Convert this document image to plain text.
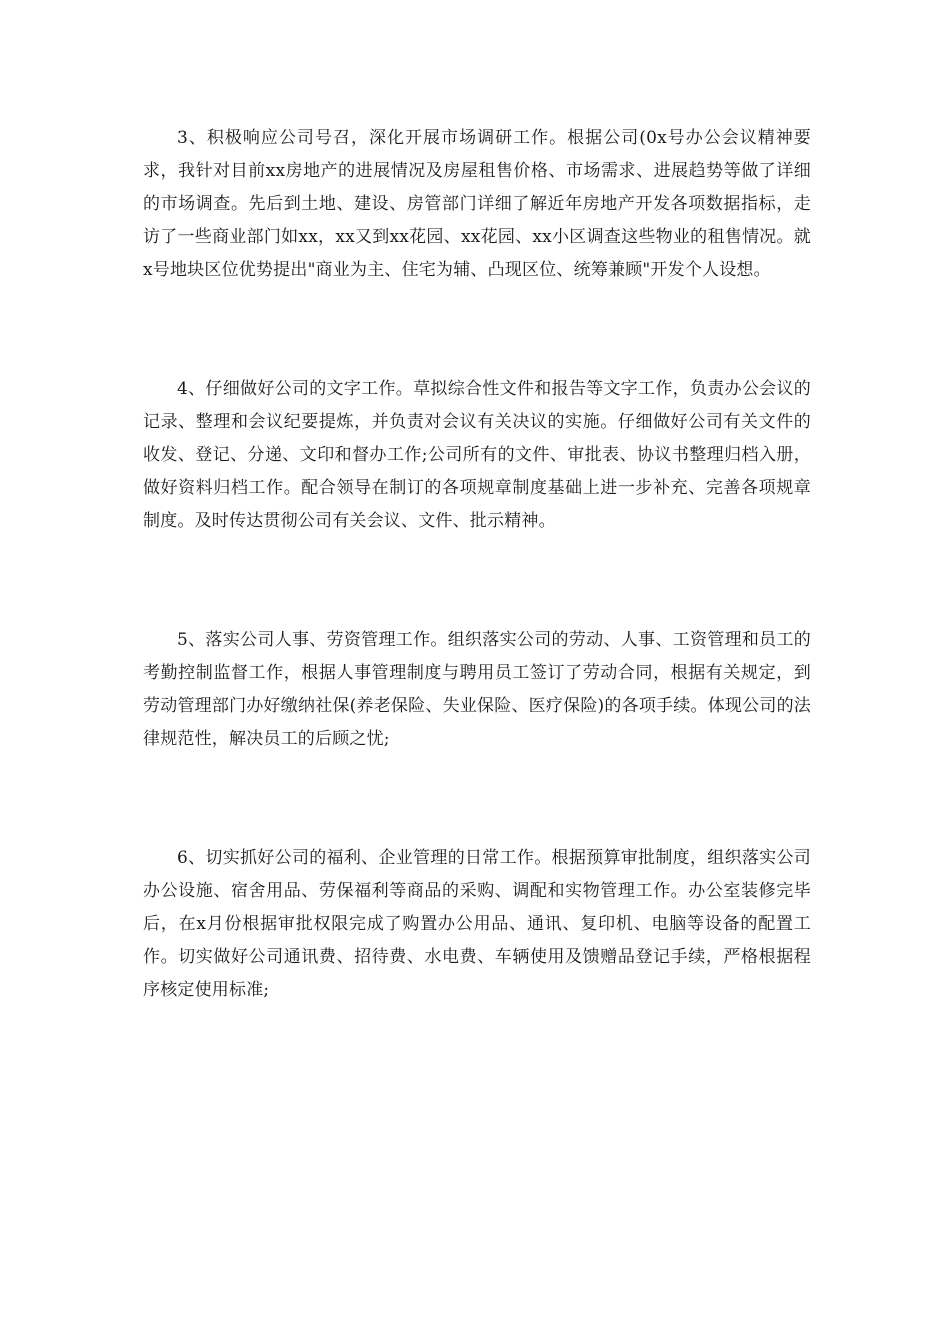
3、积极响应公司号召，深化开展市场调研工作。根据公司(0x号办公会议精神要求，我针对目前xx房地产的进展情况及房屋租售价格、市场需求、进展趋势等做了详细的市场调查。先后到土地、建设、房管部门详细了解近年房地产开发各项数据指标，走访了一些商业部门如xx，xx又到xx花园、xx花园、xx小区调查这些物业的租售情况。就x号地块区位优势提出"商业为主、住宅为辅、凸现区位、统筹兼顾"开发个人设想。

4、仔细做好公司的文字工作。草拟综合性文件和报告等文字工作，负责办公会议的记录、整理和会议纪要提炼，并负责对会议有关决议的实施。仔细做好公司有关文件的收发、登记、分递、文印和督办工作;公司所有的文件、审批表、协议书整理归档入册，做好资料归档工作。配合领导在制订的各项规章制度基础上进一步补充、完善各项规章制度。及时传达贯彻公司有关会议、文件、批示精神。

5、落实公司人事、劳资管理工作。组织落实公司的劳动、人事、工资管理和员工的考勤控制监督工作，根据人事管理制度与聘用员工签订了劳动合同，根据有关规定，到劳动管理部门办好缴纳社保(养老保险、失业保险、医疗保险)的各项手续。体现公司的法律规范性，解决员工的后顾之忧;

6、切实抓好公司的福利、企业管理的日常工作。根据预算审批制度，组织落实公司办公设施、宿舍用品、劳保福利等商品的采购、调配和实物管理工作。办公室装修完毕后，在x月份根据审批权限完成了购置办公用品、通讯、复印机、电脑等设备的配置工作。切实做好公司通讯费、招待费、水电费、车辆使用及馈赠品登记手续，严格根据程序核定使用标准;
